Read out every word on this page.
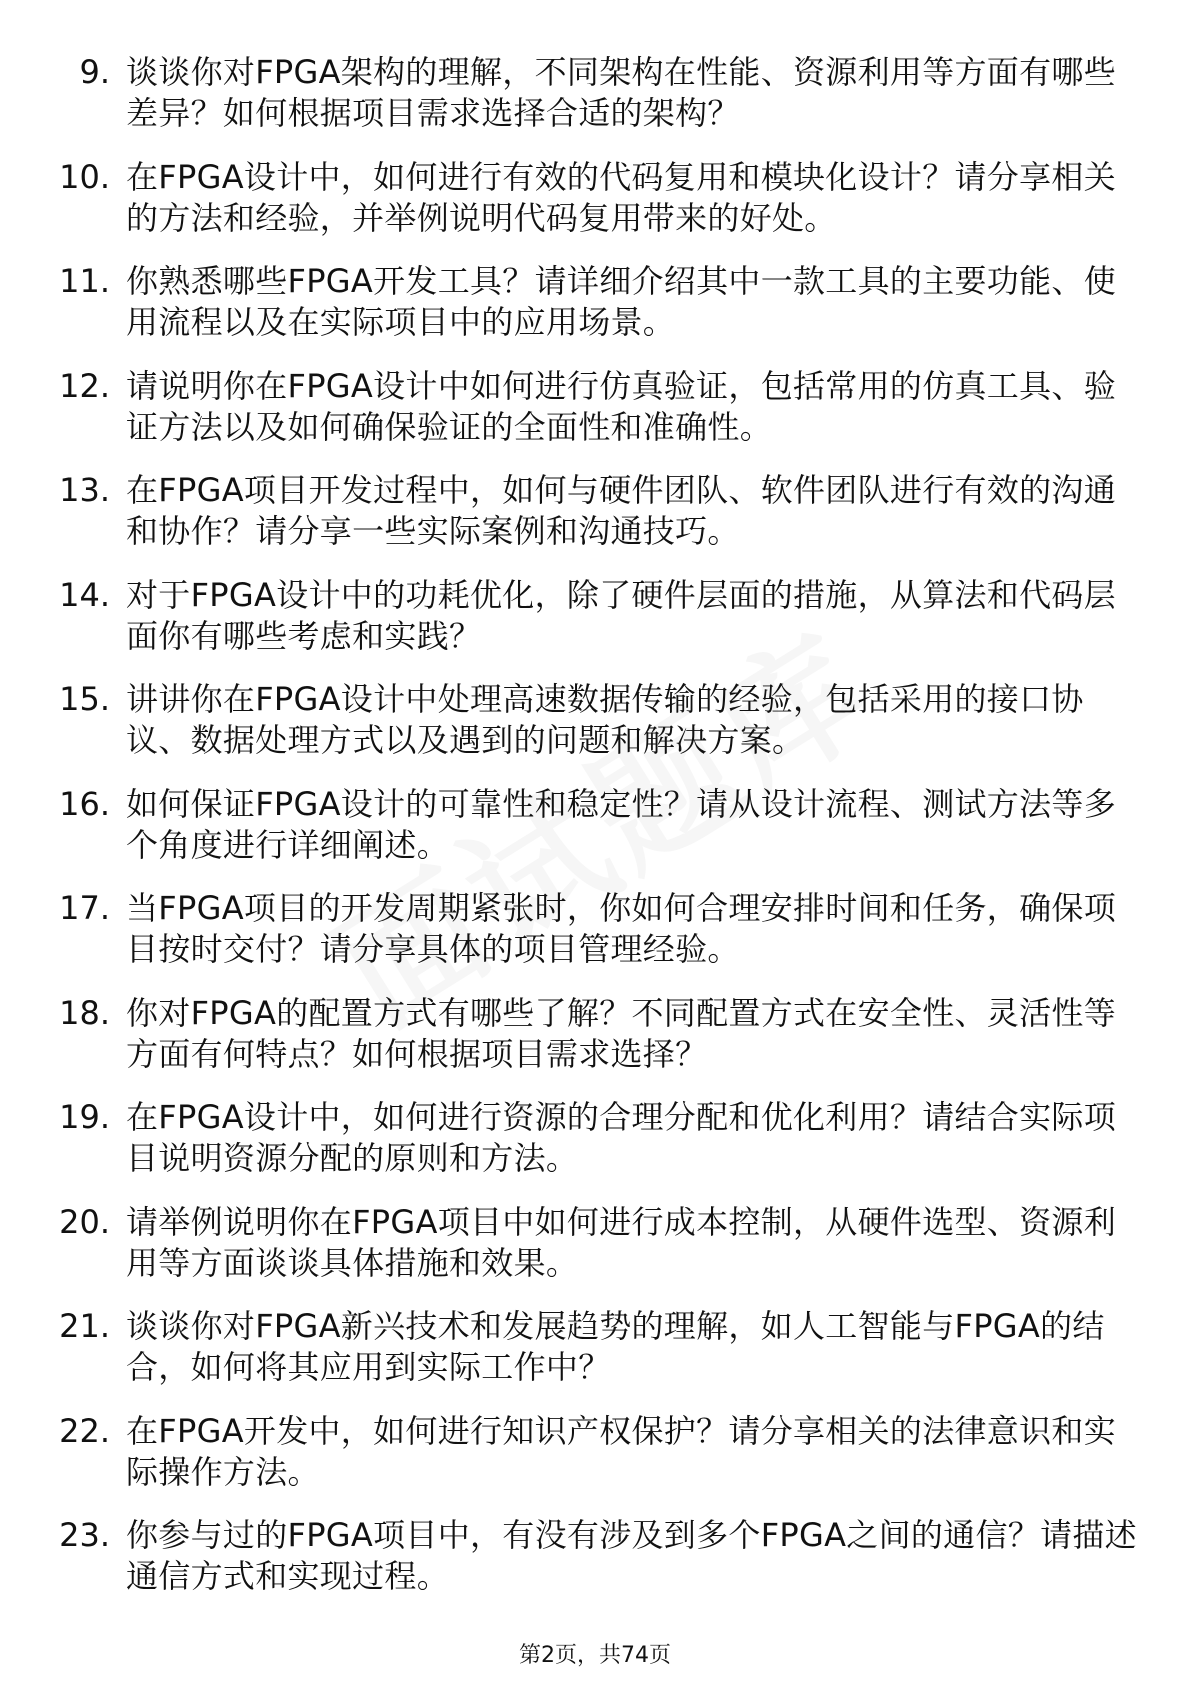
9. 谈谈你对FPGA架构的理解，不同架构在性能、资源利用等方面有哪些差异？如何根据项目需求选择合适的架构？
10. 在FPGA设计中，如何进行有效的代码复用和模块化设计？请分享相关的方法和经验，并举例说明代码复用带来的好处。
11. 你熟悉哪些FPGA开发工具？请详细介绍其中一款工具的主要功能、使用流程以及在实际项目中的应用场景。
12. 请说明你在FPGA设计中如何进行仿真验证，包括常用的仿真工具、验证方法以及如何确保验证的全面性和准确性。
13. 在FPGA项目开发过程中，如何与硬件团队、软件团队进行有效的沟通和协作？请分享一些实际案例和沟通技巧。
14. 对于FPGA设计中的功耗优化，除了硬件层面的措施，从算法和代码层面你有哪些考虑和实践？
15. 讲讲你在FPGA设计中处理高速数据传输的经验，包括采用的接口协议、数据处理方式以及遇到的问题和解决方案。
16. 如何保证FPGA设计的可靠性和稳定性？请从设计流程、测试方法等多个角度进行详细阐述。
17. 当FPGA项目的开发周期紧张时，你如何合理安排时间和任务，确保项目按时交付？请分享具体的项目管理经验。
18. 你对FPGA的配置方式有哪些了解？不同配置方式在安全性、灵活性等方面有何特点？如何根据项目需求选择？
19. 在FPGA设计中，如何进行资源的合理分配和优化利用？请结合实际项目说明资源分配的原则和方法。
20. 请举例说明你在FPGA项目中如何进行成本控制，从硬件选型、资源利用等方面谈谈具体措施和效果。
21. 谈谈你对FPGA新兴技术和发展趋势的理解，如人工智能与FPGA的结合，如何将其应用到实际工作中？
22. 在FPGA开发中，如何进行知识产权保护？请分享相关的法律意识和实际操作方法。
23. 你参与过的FPGA项目中，有没有涉及到多个FPGA之间的通信？请描述通信方式和实现过程。
第2页，共74页
